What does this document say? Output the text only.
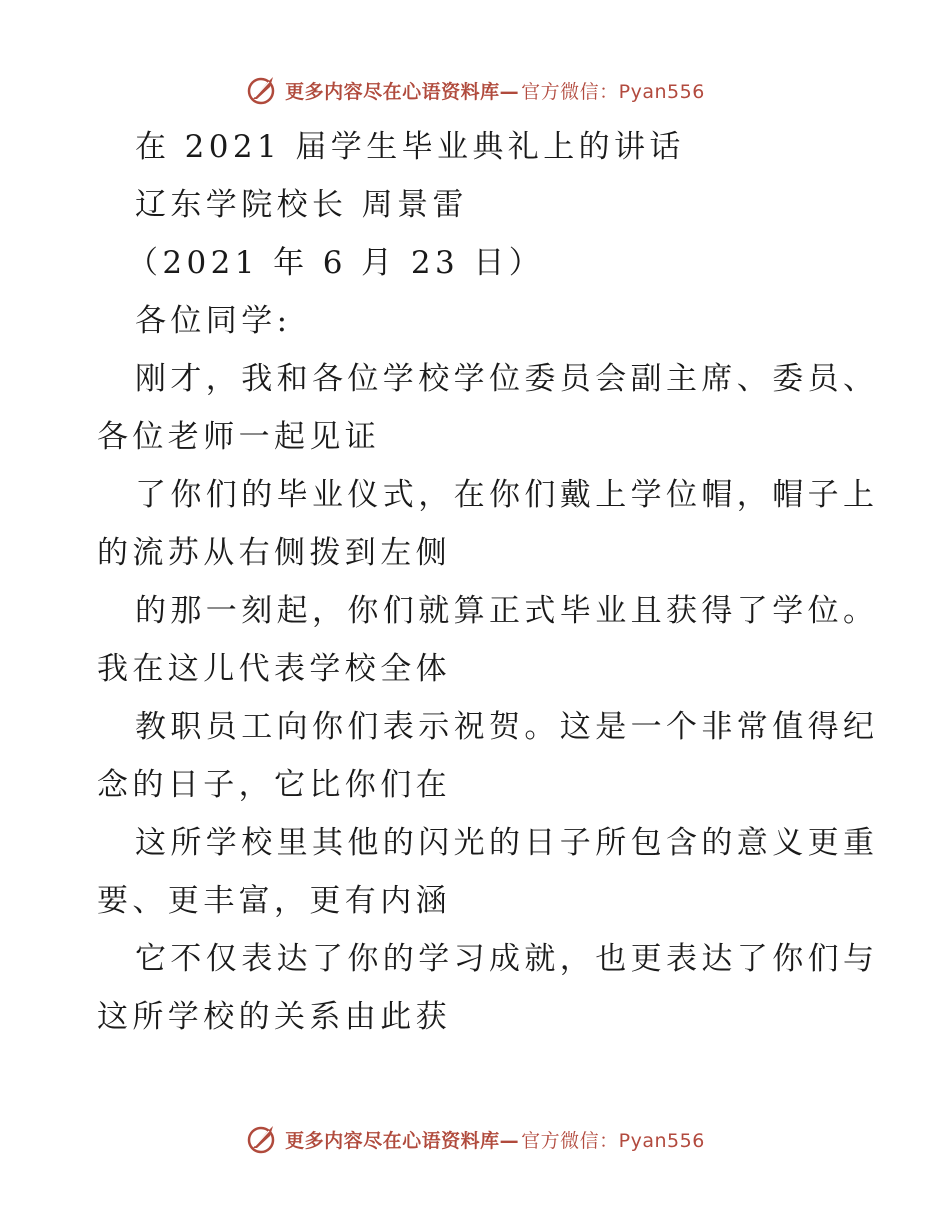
更多内容尽在心语资料库— 官方微信：Pyan556
在 2021 届学生毕业典礼上的讲话
辽东学院校长 周景雷
（2021 年 6 月 23 日）
各位同学:
刚才，我和各位学校学位委员会副主席、委员、
各位老师一起见证
了你们的毕业仪式，在你们戴上学位帽，帽子上
的流苏从右侧拨到左侧
的那一刻起，你们就算正式毕业且获得了学位。
我在这儿代表学校全体
教职员工向你们表示祝贺。这是一个非常值得纪
念的日子，它比你们在
这所学校里其他的闪光的日子所包含的意义更重
要、更丰富，更有内涵
它不仅表达了你的学习成就，也更表达了你们与
这所学校的关系由此获
更多内容尽在心语资料库— 官方微信：Pyan556
